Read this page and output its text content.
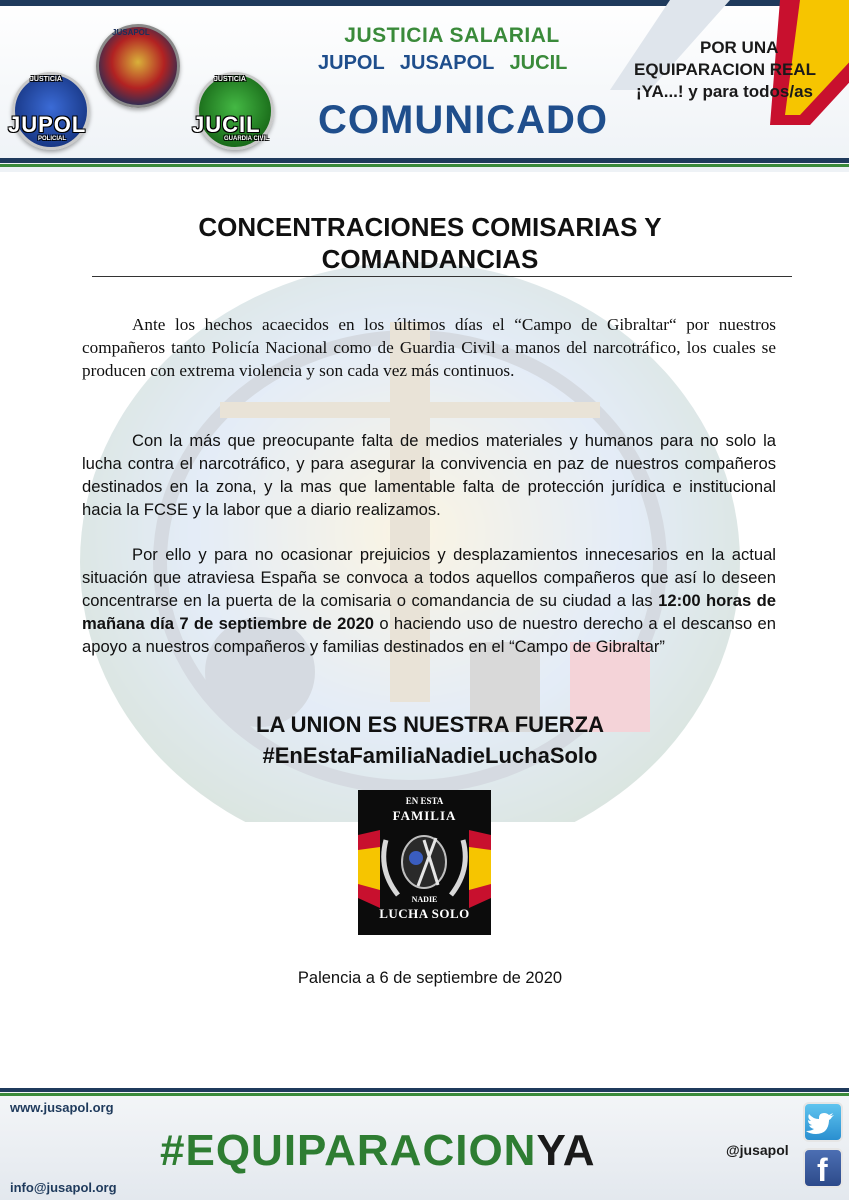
JUSTICIA
JUPOL
POLICIAL
JUSTICIA
JUCIL
GUARDIA CIVIL
JUSAPOL	JUSTICIA SALARIAL
JUPOL JUSAPOL JUCIL
COMUNICADO
POR UNA
EQUIPARACION REAL
¡YA...! y para todos/as
CONCENTRACIONES COMISARIAS Y
COMANDANCIAS

Ante los hechos acaecidos en los últimos días el “Campo de Gibraltar“ por nuestros compañeros tanto Policía Nacional como de Guardia Civil a manos del narcotráfico, los cuales se producen con extrema violencia y son cada vez más continuos.

Con la más que preocupante falta de medios materiales y humanos para no solo la lucha contra el narcotráfico, y para asegurar la convivencia en paz de nuestros compañeros destinados en la zona, y la mas que lamentable falta de protección jurídica e institucional hacia la FCSE y la labor que a diario realizamos.

Por ello y para no ocasionar prejuicios y desplazamientos innecesarios en la actual situación que atraviesa España se convoca a todos aquellos compañeros que así lo deseen concentrarse en la puerta de la comisaria o comandancia de su ciudad a las 12:00 horas de mañana día 7 de septiembre de 2020 o haciendo uso de nuestro derecho a el descanso en apoyo a nuestros compañeros y familias destinados en el “Campo de Gibraltar”

LA UNION ES NUESTRA FUERZA
#EnEstaFamiliaNadieLuchaSolo
EN ESTA
FAMILIA
NADIE
LUCHA SOLO
Palencia a 6 de septiembre de 2020
www.jusapol.org
#EQUIPARACIONYA
info@jusapol.org
@jusapol
f
